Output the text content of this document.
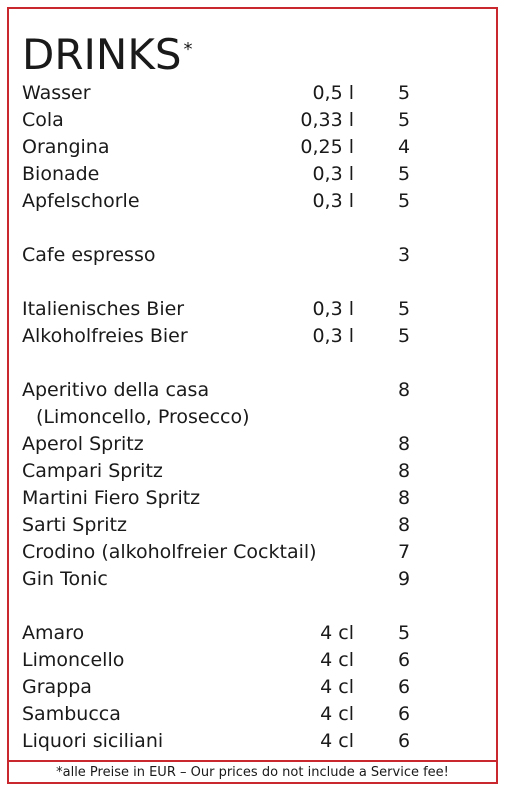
DRINKS *
Wasser	0,5 l 5
Cola	0,33 l 5
Orangina	0,25 l 4
Bionade	0,3 l 5
Apfelschorle	0,3 l 5
Cafe espresso	3
Italienisches Bier	0,3 l 5
Alkoholfreies Bier	0,3 l 5
Aperitivo della casa	8
(Limoncello, Prosecco)
Aperol Spritz	8
Campari Spritz	8
Martini Fiero Spritz	8
Sarti Spritz	8
Crodino (alkoholfreier Cocktail)	7
Gin Tonic	9
Amaro	4 cl 5
Limoncello	4 cl 6
Grappa	4 cl 6
Sambucca	4 cl 6
Liquori siciliani	4 cl 6
*alle Preise in EUR – Our prices do not include a Service fee!
